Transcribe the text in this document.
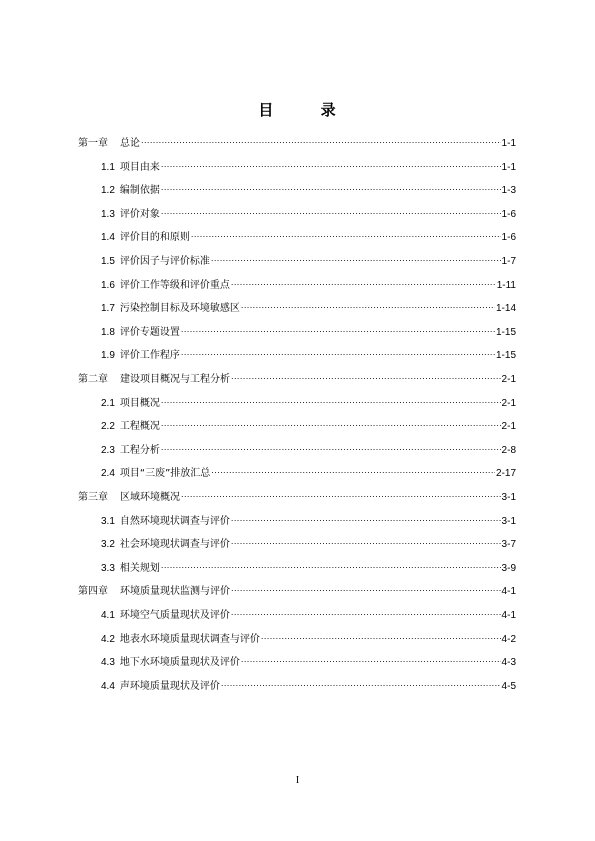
目 录
第一章 总论 .....	1-1
1.1 项目由来 .....	1-1
1.2 编制依据 .....	1-3
1.3 评价对象 .....	1-6
1.4 评价目的和原则 .....	1-6
1.5 评价因子与评价标准 .....	1-7
1.6 评价工作等级和评价重点 .....	1-11
1.7 污染控制目标及环境敏感区 .....	1-14
1.8 评价专题设置 .....	1-15
1.9 评价工作程序 .....	1-15
第二章 建设项目概况与工程分析 .....	2-1
2.1 项目概况 .....	2-1
2.2 工程概况 .....	2-1
2.3 工程分析 .....	2-8
2.4 项目“三废”排放汇总 .....	2-17
第三章 区域环境概况 .....	3-1
3.1 自然环境现状调查与评价 .....	3-1
3.2 社会环境现状调查与评价 .....	3-7
3.3 相关规划 .....	3-9
第四章 环境质量现状监测与评价 .....	4-1
4.1 环境空气质量现状及评价 .....	4-1
4.2 地表水环境质量现状调查与评价 .....	4-2
4.3 地下水环境质量现状及评价 .....	4-3
4.4 声环境质量现状及评价 .....	4-5
I
